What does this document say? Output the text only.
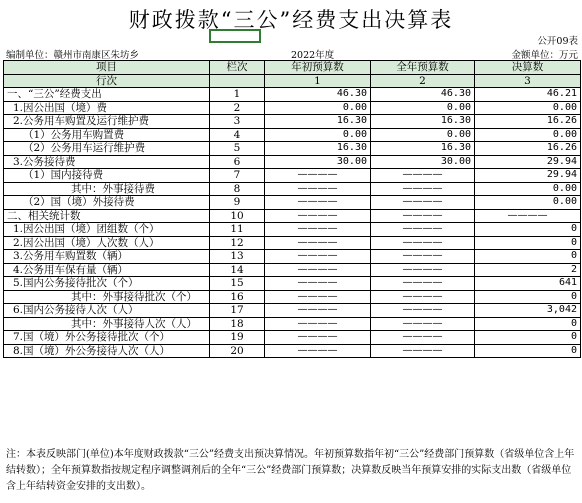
财政拨款“三公”经费支出决算表
公开09表
编制单位：赣州市南康区朱坊乡	2022年度	金额单位：万元
项目	栏次	年初预算数	全年预算数	决算数
行次		1	2	3
一、“三公”经费支出	1	46.30	46.30	46.21
1.因公出国（境）费	2	0.00	0.00	0.00
2.公务用车购置及运行维护费	3	16.30	16.30	16.26
（1）公务用车购置费	4	0.00	0.00	0.00
（2）公务用车运行维护费	5	16.30	16.30	16.26
3.公务接待费	6	30.00	30.00	29.94
（1）国内接待费	7	————	————	29.94
其中：外事接待费	8	————	————	0.00
（2）国（境）外接待费	9	————	————	0.00
二、相关统计数	10	————	————	————
1.因公出国（境）团组数（个）	11	————	————	0
2.因公出国（境）人次数（人）	12	————	————	0
3.公务用车购置数（辆）	13	————	————	0
4.公务用车保有量（辆）	14	————	————	2
5.国内公务接待批次（个）	15	————	————	641
其中：外事接待批次（个）	16	————	————	0
6.国内公务接待人次（人）	17	————	————	3,042
其中：外事接待人次（人）	18	————	————	0
7.国（境）外公务接待批次（个）	19	————	————	0
8.国（境）外公务接待人次（人）	20	————	————	0
注：本表反映部门(单位)本年度财政拨款“三公”经费支出预决算情况。年初预算数指年初“三公”经费部门预算数（省级单位含上年结转数）；全年预算数指按规定程序调整调剂后的全年“三公”经费部门预算数；决算数反映当年预算安排的实际支出数（省级单位含上年结转资金安排的支出数）。
